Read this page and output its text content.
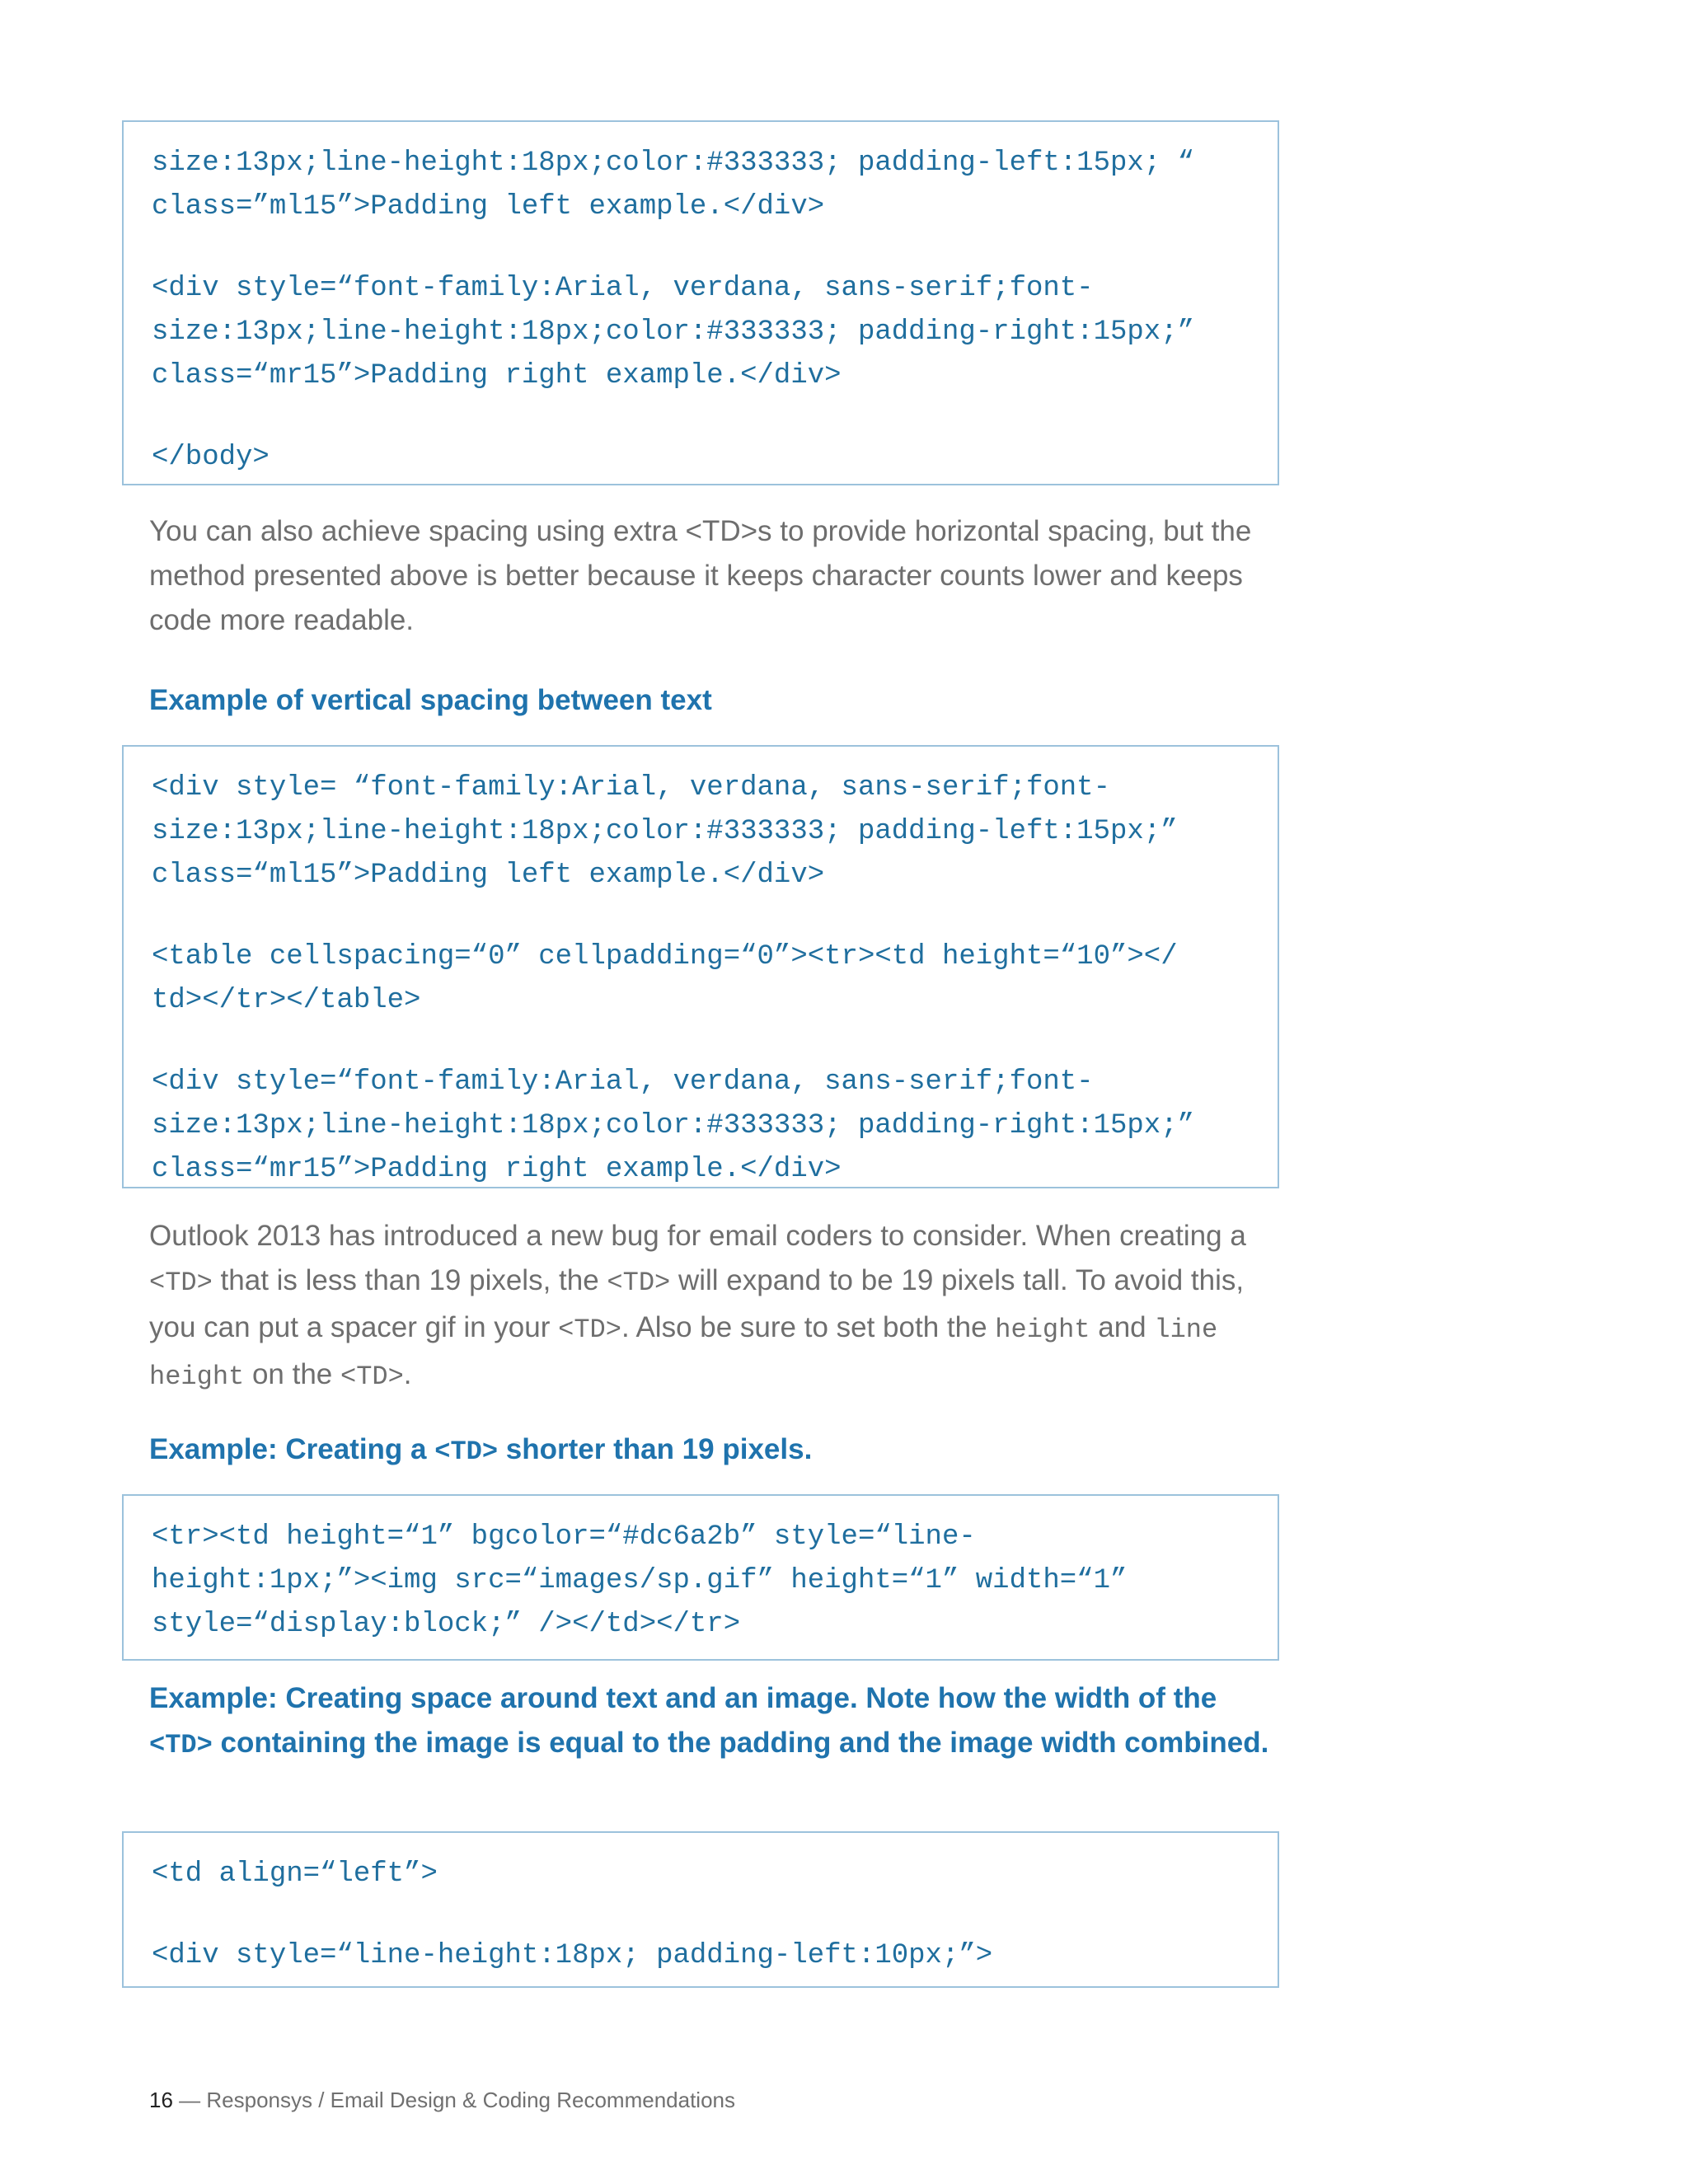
size:13px;line-height:18px;color:#333333; padding-left:15px; “
class=”ml15”>Padding left example.</div>
<div style=“font-family:Arial, verdana, sans-serif;font-
size:13px;line-height:18px;color:#333333; padding-right:15px;”
class=“mr15”>Padding right example.</div>
</body>
You can also achieve spacing using extra <TD>s to provide horizontal spacing, but the method presented above is better because it keeps character counts lower and keeps code more readable.
Example of vertical spacing between text
<div style= “font-family:Arial, verdana, sans-serif;font-
size:13px;line-height:18px;color:#333333; padding-left:15px;”
class=“ml15”>Padding left example.</div>
<table cellspacing=“0” cellpadding=“0”><tr><td height=“10”></
td></tr></table>
<div style=“font-family:Arial, verdana, sans-serif;font-
size:13px;line-height:18px;color:#333333; padding-right:15px;”
class=“mr15”>Padding right example.</div>
Outlook 2013 has introduced a new bug for email coders to consider. When creating a <TD> that is less than 19 pixels, the <TD> will expand to be 19 pixels tall. To avoid this, you can put a spacer gif in your <TD>. Also be sure to set both the height and line height on the <TD>.
Example: Creating a <TD> shorter than 19 pixels.
<tr><td height=“1” bgcolor=“#dc6a2b” style=“line-
height:1px;”><img src=“images/sp.gif” height=“1” width=“1”
style=“display:block;” /></td></tr>
Example: Creating space around text and an image. Note how the width of the <TD> containing the image is equal to the padding and the image width combined.
<td align=“left”>
<div style=“line-height:18px; padding-left:10px;”>
16 — Responsys / Email Design & Coding Recommendations
